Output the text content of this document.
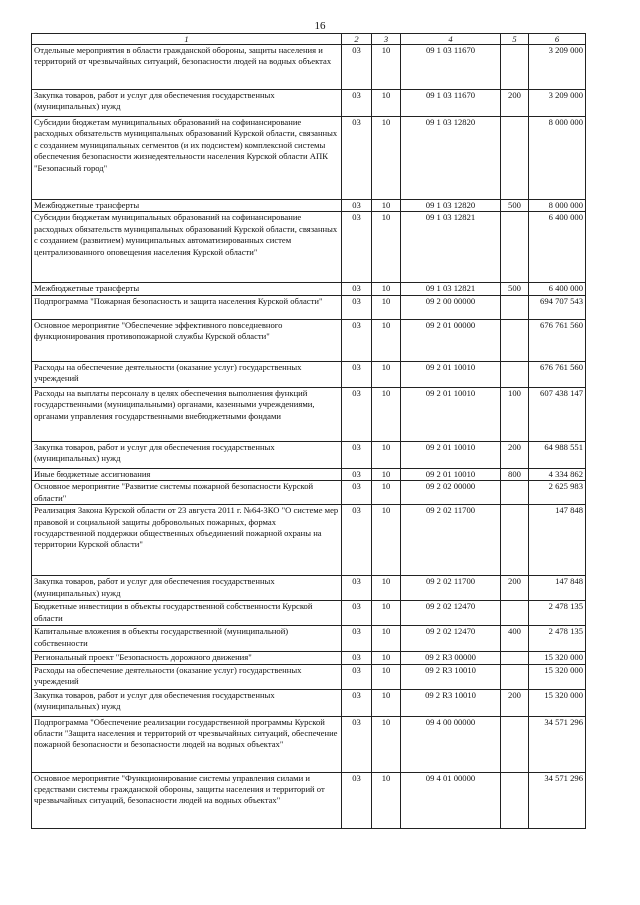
16
1	2	3	4	5	6
Отдельные мероприятия в области гражданской обороны, защиты населения и территорий от чрезвычайных ситуаций, безопасности людей на водных объектах	03	10	09 1 03 11670		3 209 000
Закупка товаров, работ и услуг для обеспечения государственных (муниципальных) нужд	03	10	09 1 03 11670	200	3 209 000
Субсидии бюджетам муниципальных образований на софинансирование расходных обязательств муниципальных образований Курской области, связанных с созданием муниципальных сегментов (и их подсистем) комплексной системы обеспечения безопасности жизнедеятельности населения Курской области АПК "Безопасный город"	03	10	09 1 03 12820		8 000 000
Межбюджетные трансферты	03	10	09 1 03 12820	500	8 000 000
Субсидии бюджетам муниципальных образований на софинансирование расходных обязательств муниципальных образований Курской области, связанных с созданием (развитием) муниципальных автоматизированных систем централизованного оповещения населения Курской области"	03	10	09 1 03 12821		6 400 000
Межбюджетные трансферты	03	10	09 1 03 12821	500	6 400 000
Подпрограмма "Пожарная безопасность и защита населения Курской области"	03	10	09 2 00 00000		694 707 543
Основное мероприятие "Обеспечение эффективного повседневного функционирования противопожарной службы Курской области"	03	10	09 2 01 00000		676 761 560
Расходы на обеспечение деятельности (оказание услуг) государственных учреждений	03	10	09 2 01 10010		676 761 560
Расходы на выплаты персоналу в целях обеспечения выполнения функций государственными (муниципальными) органами, казенными учреждениями, органами управления государственными внебюджетными фондами	03	10	09 2 01 10010	100	607 438 147
Закупка товаров, работ и услуг для обеспечения государственных (муниципальных) нужд	03	10	09 2 01 10010	200	64 988 551
Иные бюджетные ассигнования	03	10	09 2 01 10010	800	4 334 862
Основное мероприятие "Развитие системы пожарной безопасности Курской области"	03	10	09 2 02 00000		2 625 983
Реализация Закона Курской области от 23 августа 2011 г. №64-ЗКО "О системе мер правовой и социальной защиты добровольных пожарных, формах государственной поддержки общественных объединений пожарной охраны на территории Курской области"	03	10	09 2 02 11700		147 848
Закупка товаров, работ и услуг для обеспечения государственных (муниципальных) нужд	03	10	09 2 02 11700	200	147 848
Бюджетные инвестиции в объекты государственной собственности Курской области	03	10	09 2 02 12470		2 478 135
Капитальные вложения в объекты государственной (муниципальной) собственности	03	10	09 2 02 12470	400	2 478 135
Региональный проект "Безопасность дорожного движения"	03	10	09 2 R3 00000		15 320 000
Расходы на обеспечение деятельности (оказание услуг) государственных учреждений	03	10	09 2 R3 10010		15 320 000
Закупка товаров, работ и услуг для обеспечения государственных (муниципальных) нужд	03	10	09 2 R3 10010	200	15 320 000
Подпрограмма "Обеспечение реализации государственной программы Курской области "Защита населения и территорий от чрезвычайных ситуаций, обеспечение пожарной безопасности и безопасности людей на водных объектах"	03	10	09 4 00 00000		34 571 296
Основное мероприятие "Функционирование системы управления силами и средствами системы гражданской обороны, защиты населения и территорий от чрезвычайных ситуаций, безопасности людей на водных объектах"	03	10	09 4 01 00000		34 571 296
